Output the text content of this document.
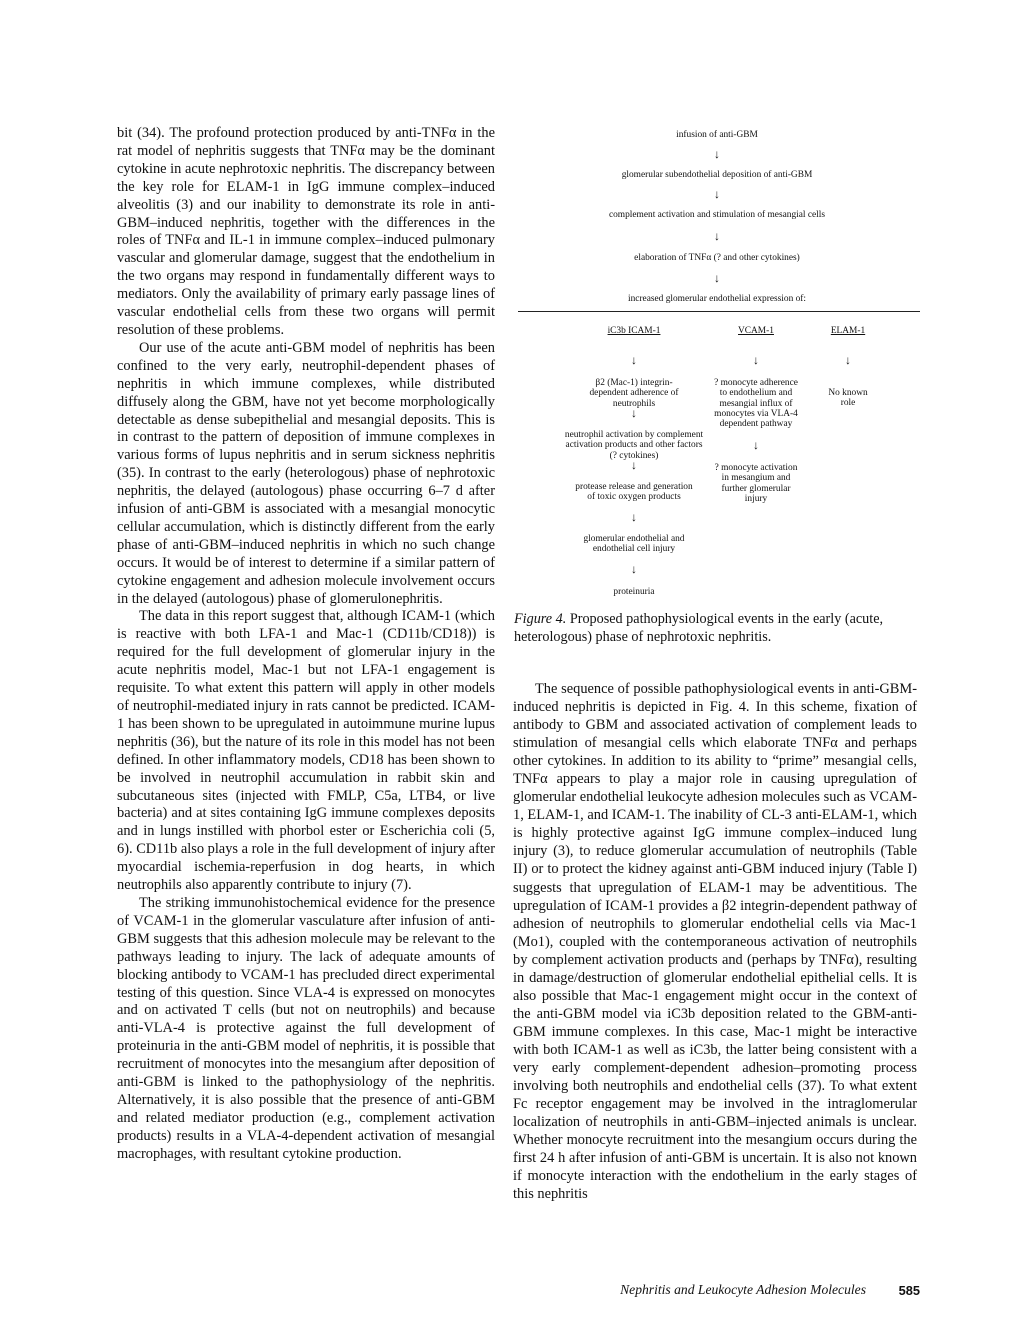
bit (34). The profound protection produced by anti-TNFα in the rat model of nephritis suggests that TNFα may be the dominant cytokine in acute nephrotoxic nephritis. The discrepancy between the key role for ELAM-1 in IgG immune complex–induced alveolitis (3) and our inability to demonstrate its role in anti-GBM–induced nephritis, together with the differences in the roles of TNFα and IL-1 in immune complex–induced pulmonary vascular and glomerular damage, suggest that the endothelium in the two organs may respond in fundamentally different ways to mediators. Only the availability of primary early passage lines of vascular endothelial cells from these two organs will permit resolution of these problems.

Our use of the acute anti-GBM model of nephritis has been confined to the very early, neutrophil-dependent phases of nephritis in which immune complexes, while distributed diffusely along the GBM, have not yet become morphologically detectable as dense subepithelial and mesangial deposits. This is in contrast to the pattern of deposition of immune complexes in various forms of lupus nephritis and in serum sickness nephritis (35). In contrast to the early (heterologous) phase of nephrotoxic nephritis, the delayed (autologous) phase occurring 6–7 d after infusion of anti-GBM is associated with a mesangial monocytic cellular accumulation, which is distinctly different from the early phase of anti-GBM–induced nephritis in which no such change occurs. It would be of interest to determine if a similar pattern of cytokine engagement and adhesion molecule involvement occurs in the delayed (autologous) phase of glomerulonephritis.

The data in this report suggest that, although ICAM-1 (which is reactive with both LFA-1 and Mac-1 (CD11b/CD18)) is required for the full development of glomerular injury in the acute nephritis model, Mac-1 but not LFA-1 engagement is requisite. To what extent this pattern will apply in other models of neutrophil-mediated injury in rats cannot be predicted. ICAM-1 has been shown to be upregulated in autoimmune murine lupus nephritis (36), but the nature of its role in this model has not been defined. In other inflammatory models, CD18 has been shown to be involved in neutrophil accumulation in rabbit skin and subcutaneous sites (injected with FMLP, C5a, LTB4, or live bacteria) and at sites containing IgG immune complexes deposits and in lungs instilled with phorbol ester or Escherichia coli (5, 6). CD11b also plays a role in the full development of injury after myocardial ischemia-reperfusion in dog hearts, in which neutrophils also apparently contribute to injury (7).

The striking immunohistochemical evidence for the presence of VCAM-1 in the glomerular vasculature after infusion of anti-GBM suggests that this adhesion molecule may be relevant to the pathways leading to injury. The lack of adequate amounts of blocking antibody to VCAM-1 has precluded direct experimental testing of this question. Since VLA-4 is expressed on monocytes and on activated T cells (but not on neutrophils) and because anti-VLA-4 is protective against the full development of proteinuria in the anti-GBM model of nephritis, it is possible that recruitment of monocytes into the mesangium after deposition of anti-GBM is linked to the pathophysiology of the nephritis. Alternatively, it is also possible that the presence of anti-GBM and related mediator production (e.g., complement activation products) results in a VLA-4-dependent activation of mesangial macrophages, with resultant cytokine production.

infusion of anti-GBM
↓
glomerular subendothelial deposition of anti-GBM
↓
complement activation and stimulation of mesangial cells
↓
elaboration of TNFα (? and other cytokines)
↓
increased glomerular endothelial expression of:
iC3b ICAM-1	VCAM-1	ELAM-1
↓	↓	↓
β2 (Mac-1) integrin-dependent adherence of neutrophils
↓
neutrophil activation by complement activation products and other factors (? cytokines)
↓
protease release and generation of toxic oxygen products
↓
glomerular endothelial and endothelial cell injury
↓
proteinuria
? monocyte adherence to endothelium and mesangial influx of monocytes via VLA-4 dependent pathway
↓
? monocyte activation in mesangium and further glomerular injury
No known role
Figure 4. Proposed pathophysiological events in the early (acute, heterologous) phase of nephrotoxic nephritis.

The sequence of possible pathophysiological events in anti-GBM-induced nephritis is depicted in Fig. 4. In this scheme, fixation of antibody to GBM and associated activation of complement leads to stimulation of mesangial cells which elaborate TNFα and perhaps other cytokines. In addition to its ability to “prime” mesangial cells, TNFα appears to play a major role in causing upregulation of glomerular endothelial leukocyte adhesion molecules such as VCAM-1, ELAM-1, and ICAM-1. The inability of CL-3 anti-ELAM-1, which is highly protective against IgG immune complex–induced lung injury (3), to reduce glomerular accumulation of neutrophils (Table II) or to protect the kidney against anti-GBM induced injury (Table I) suggests that upregulation of ELAM-1 may be adventitious. The upregulation of ICAM-1 provides a β2 integrin-dependent pathway of adhesion of neutrophils to glomerular endothelial cells via Mac-1 (Mo1), coupled with the contemporaneous activation of neutrophils by complement activation products and (perhaps by TNFα), resulting in damage/destruction of glomerular endothelial epithelial cells. It is also possible that Mac-1 engagement might occur in the context of the anti-GBM model via iC3b deposition related to the GBM-anti-GBM immune complexes. In this case, Mac-1 might be interactive with both ICAM-1 as well as iC3b, the latter being consistent with a very early complement-dependent adhesion–promoting process involving both neutrophils and endothelial cells (37). To what extent Fc receptor engagement may be involved in the intraglomerular localization of neutrophils in anti-GBM–injected animals is unclear. Whether monocyte recruitment into the mesangium occurs during the first 24 h after infusion of anti-GBM is uncertain. It is also not known if monocyte interaction with the endothelium in the early stages of this nephritis

Nephritis and Leukocyte Adhesion Molecules	585
